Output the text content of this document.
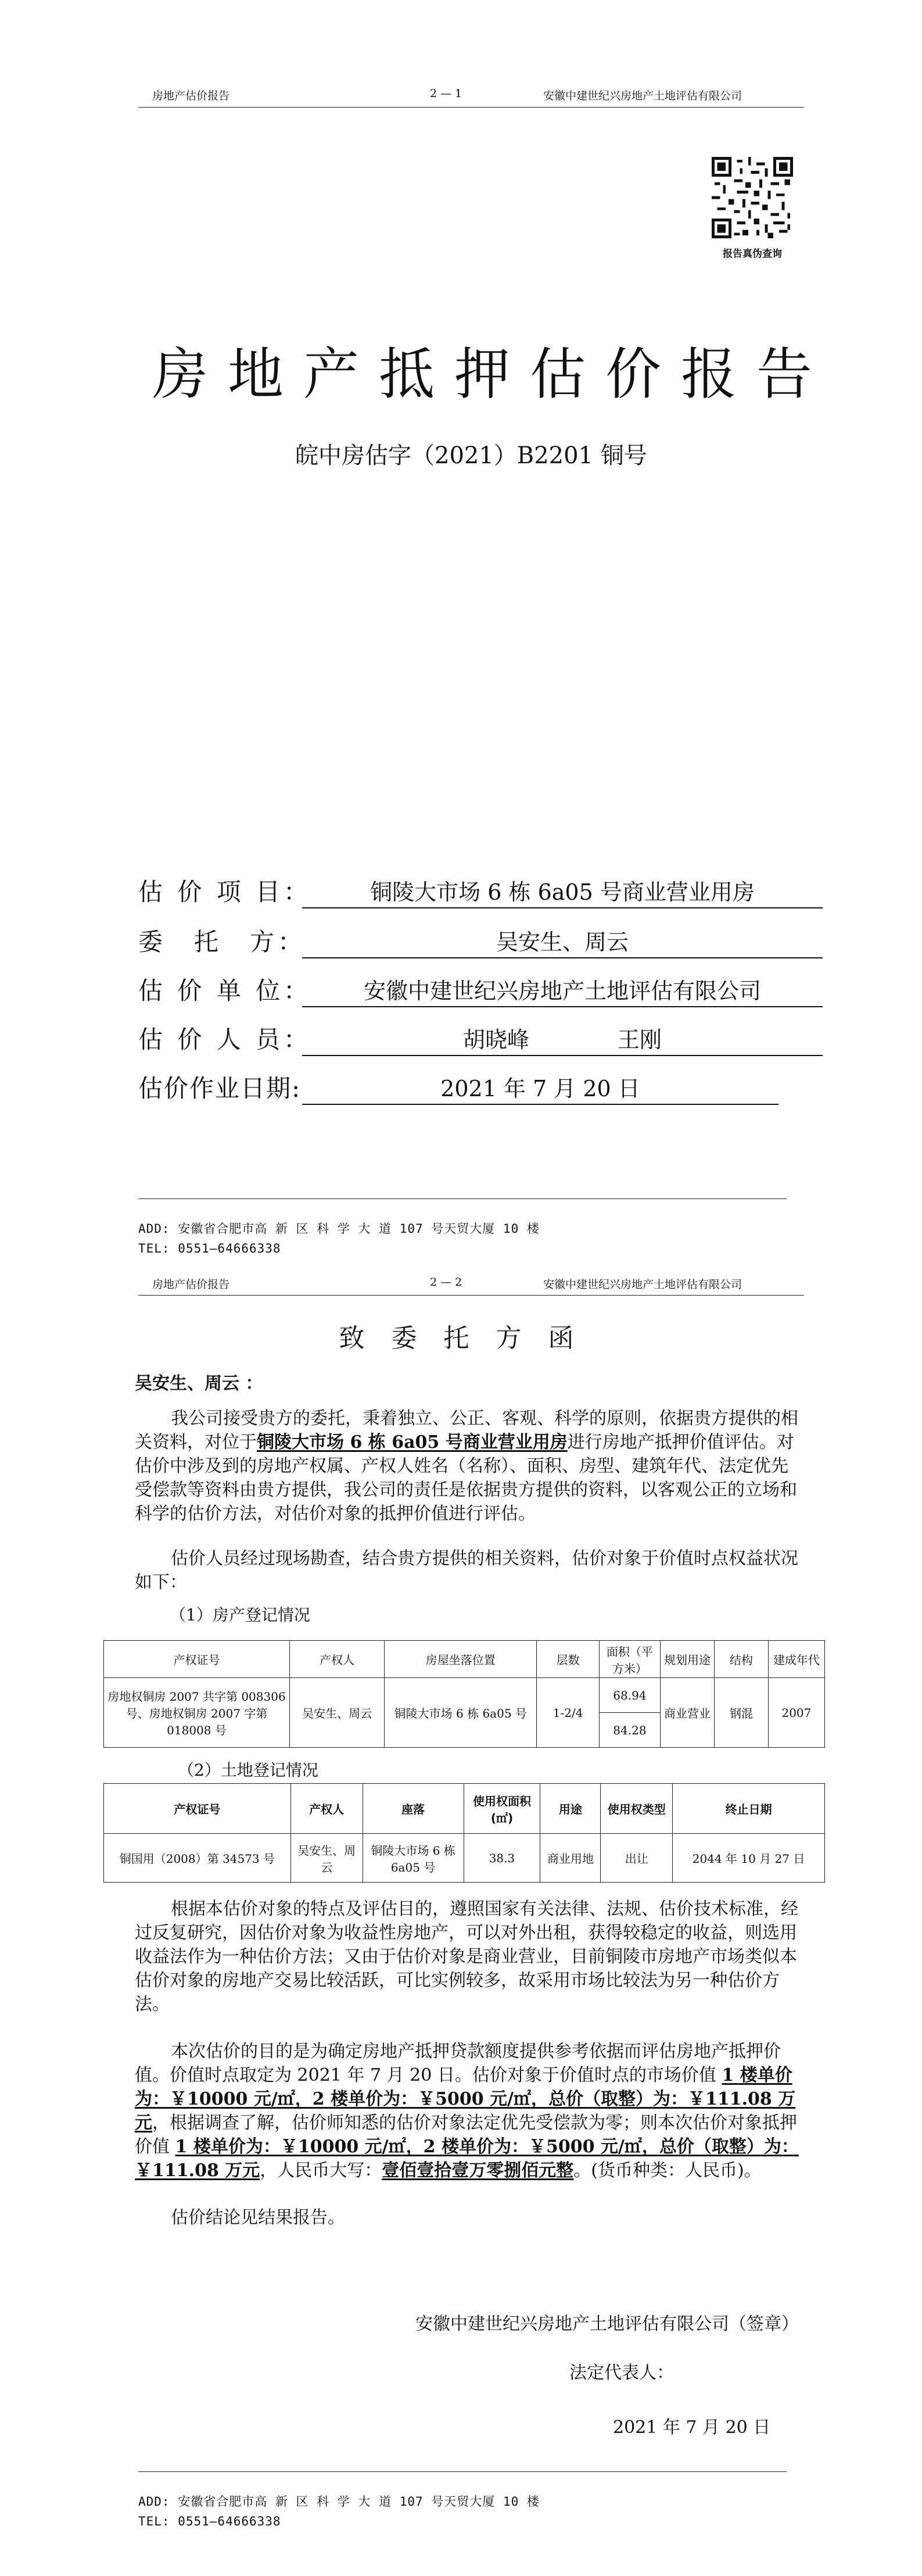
房地产估价报告	2 — 1	安徽中建世纪兴房地产土地评估有限公司
报告真伪查询
房地产抵押估价报告
皖中房估字（2021）B2201 铜号
估 价 项 目：	铜陵大市场 6 栋 6a05 号商业营业用房
委　托　方：	吴安生、周云
估 价 单 位：	安徽中建世纪兴房地产土地评估有限公司
估 价 人 员：	胡晓峰　　　　王刚
估价作业日期:	2021 年 7 月 20 日
ADD: 安徽省合肥市高 新 区 科 学 大 道 107 号天贸大厦 10 楼
TEL: 0551—64666338
房地产估价报告	2 — 2	安徽中建世纪兴房地产土地评估有限公司
致 委 托 方 函
吴安生、周云 ：

我公司接受贵方的委托，秉着独立、公正、客观、科学的原则，依据贵方提供的相关资料，对位于铜陵大市场 6 栋 6a05 号商业营业用房进行房地产抵押价值评估。对估价中涉及到的房地产权属、产权人姓名（名称）、面积、房型、建筑年代、法定优先受偿款等资料由贵方提供，我公司的责任是依据贵方提供的资料，以客观公正的立场和科学的估价方法，对估价对象的抵押价值进行评估。

估价人员经过现场勘查，结合贵方提供的相关资料，估价对象于价值时点权益状况如下：

（1）房产登记情况
产权证号	产权人	房屋坐落位置	层数	面积（平方米）	规划用途	结构	建成年代
房地权铜房 2007 共字第 008306 号、房地权铜房 2007 字第 018008 号	吴安生、周云	铜陵大市场 6 栋 6a05 号	1-2/4	68.94	商业营业	钢混	2007
				84.28			
（2）土地登记情况
产权证号	产权人	座落	使用权面积(㎡)	用途	使用权类型	终止日期
铜国用（2008）第 34573 号	吴安生、周云	铜陵大市场 6 栋 6a05 号	38.3	商业用地	出让	2044 年 10 月 27 日

根据本估价对象的特点及评估目的，遵照国家有关法律、法规、估价技术标准，经过反复研究，因估价对象为收益性房地产，可以对外出租，获得较稳定的收益，则选用收益法作为一种估价方法；又由于估价对象是商业营业，目前铜陵市房地产市场类似本估价对象的房地产交易比较活跃，可比实例较多，故采用市场比较法为另一种估价方法。

本次估价的目的是为确定房地产抵押贷款额度提供参考依据而评估房地产抵押价值。价值时点取定为 2021 年 7 月 20 日。估价对象于价值时点的市场价值 1 楼单价为：￥10000 元/㎡，2 楼单价为：￥5000 元/㎡，总价（取整）为：￥111.08 万元，根据调查了解，估价师知悉的估价对象法定优先受偿款为零；则本次估价对象抵押价值 1 楼单价为：￥10000 元/㎡，2 楼单价为：￥5000 元/㎡，总价（取整）为：￥111.08 万元，人民币大写：壹佰壹拾壹万零捌佰元整。(货币种类：人民币)。

估价结论见结果报告。

安徽中建世纪兴房地产土地评估有限公司（签章）
法定代表人：
2021 年 7 月 20 日
ADD: 安徽省合肥市高 新 区 科 学 大 道 107 号天贸大厦 10 楼
TEL: 0551—64666338
